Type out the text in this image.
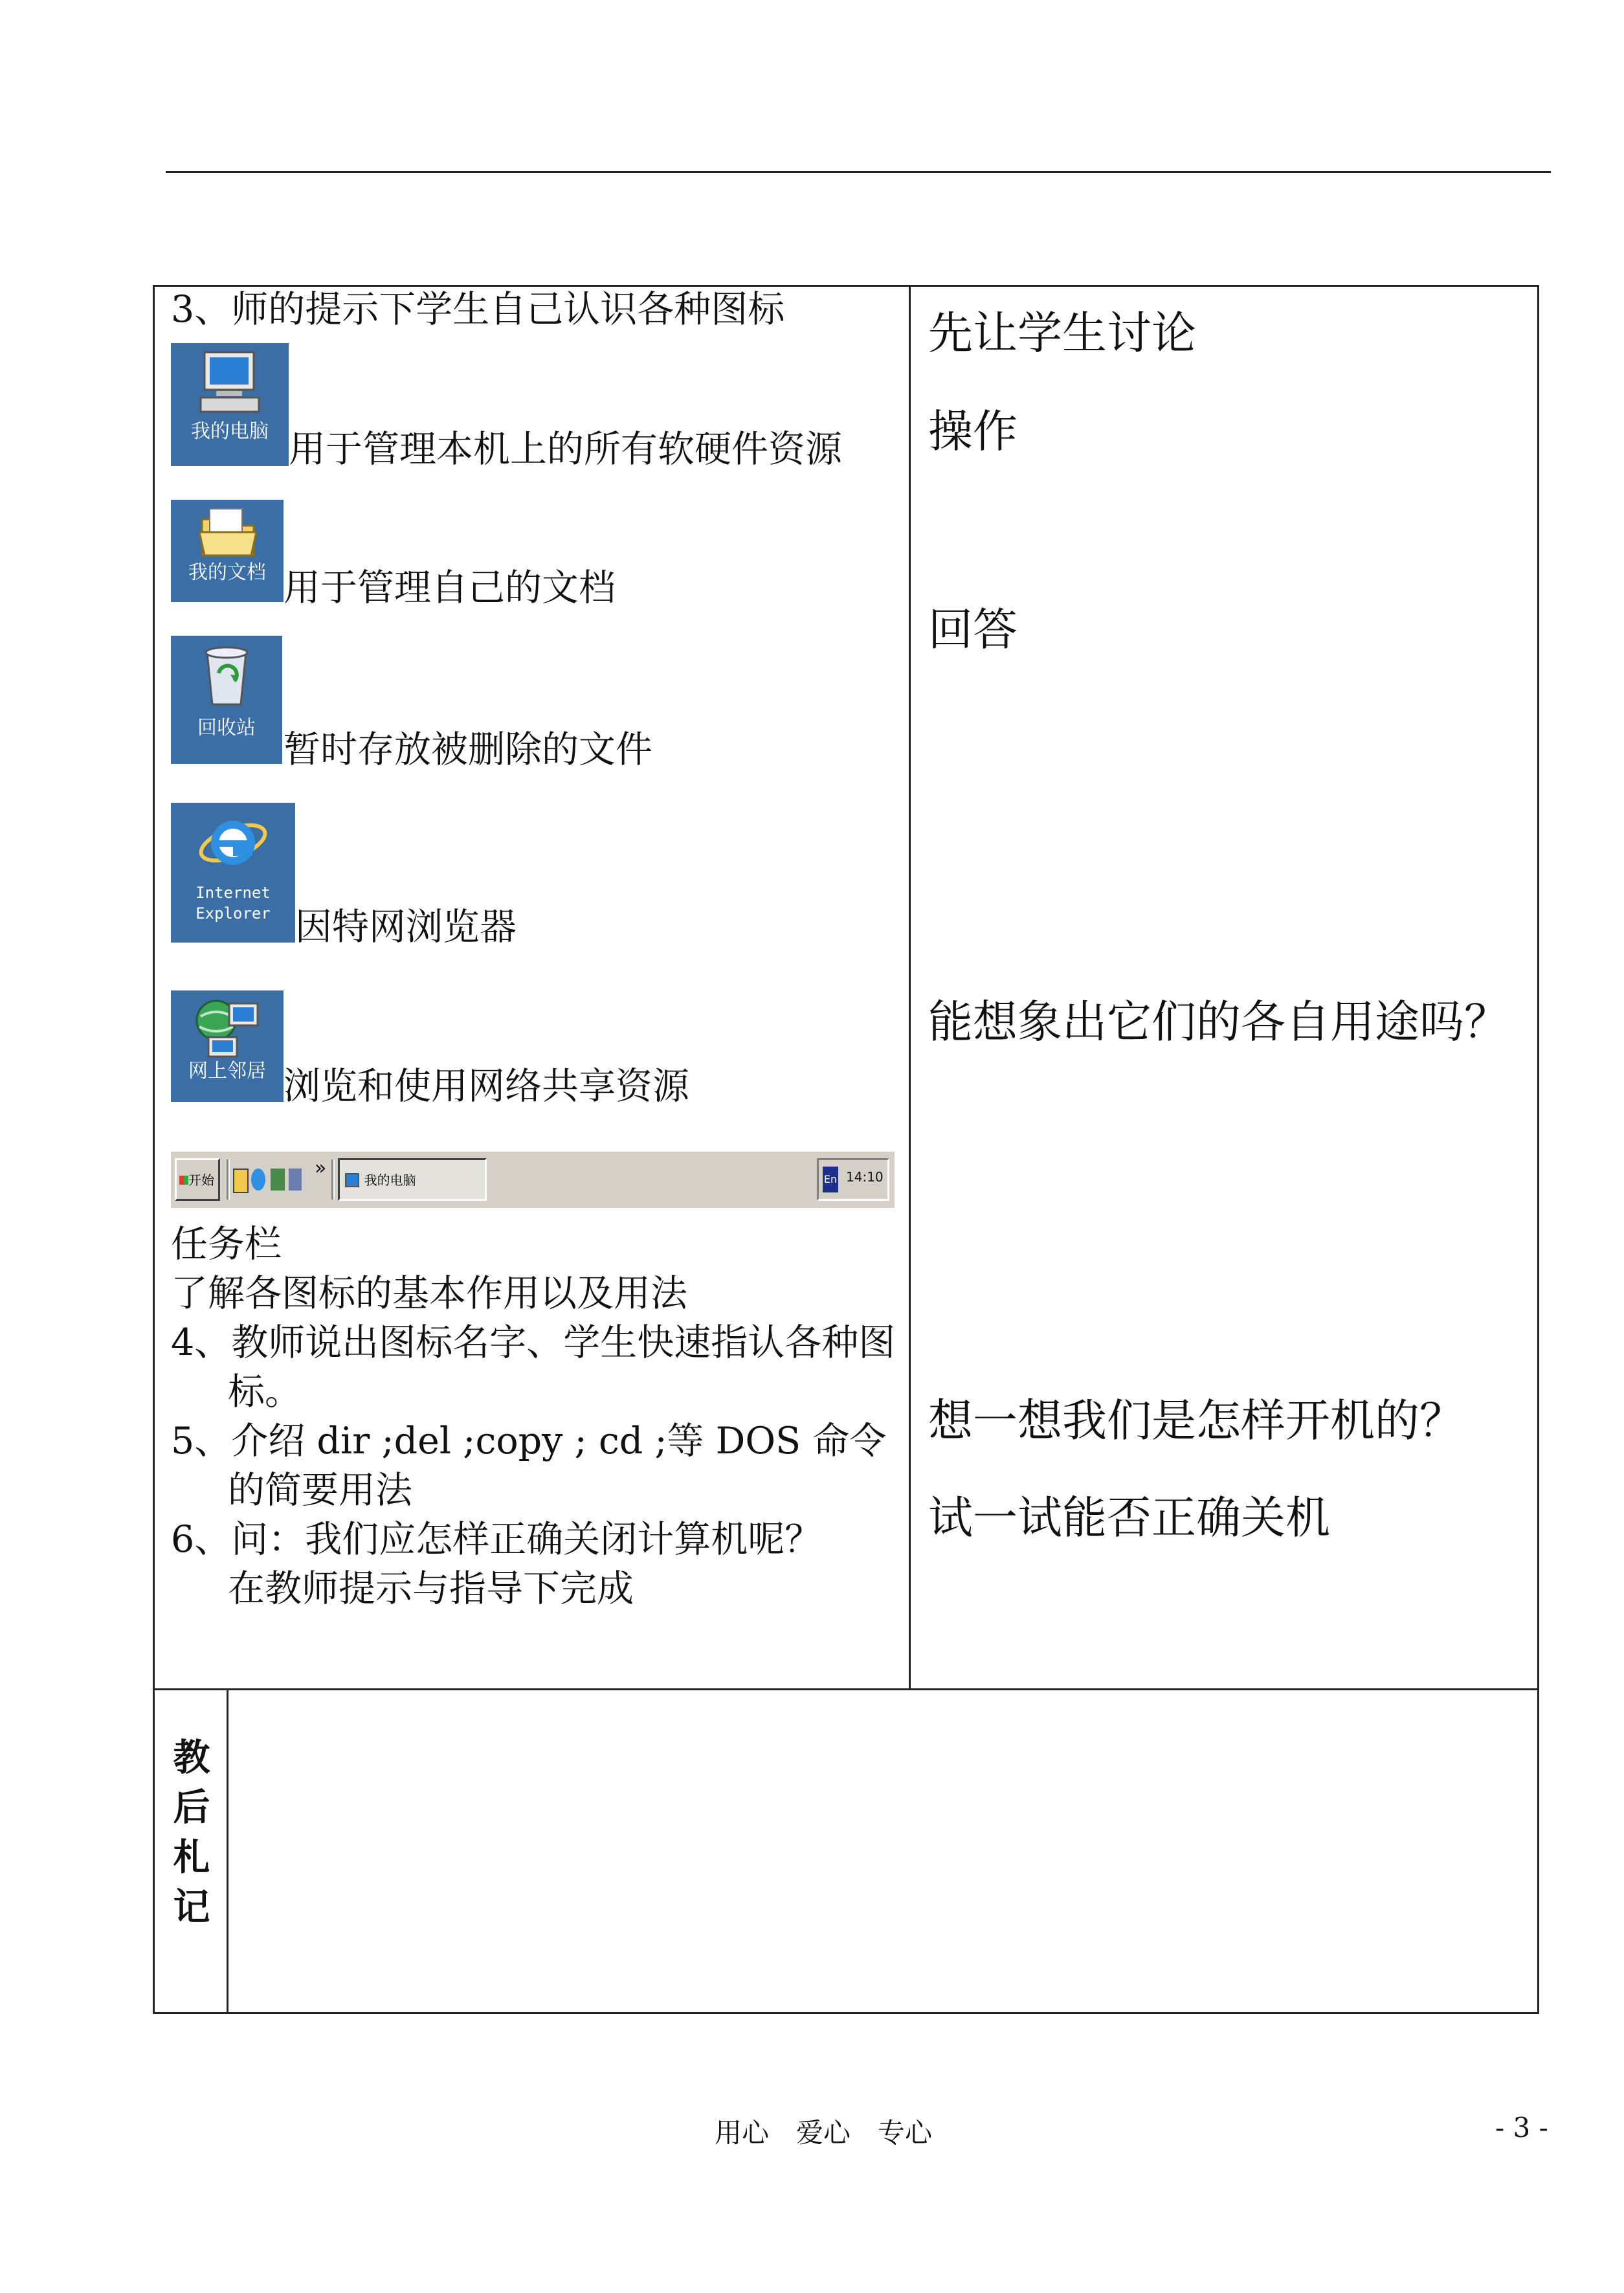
3、师的提示下学生自己认识各种图标
我的电脑 用于管理本机上的所有软硬件资源
我的文档 用于管理自己的文档
回收站
暂时存放被删除的文件
Internet
Explorer 因特网浏览器
网上邻居 浏览和使用网络共享资源
开始
»
我的电脑	En 14:10
任务栏
了解各图标的基本作用以及用法
4、教师说出图标名字、学生快速指认各种图
标。
5、介绍 dir ;del ;copy ; cd ;等 DOS 命令
的简要用法
6、问：我们应怎样正确关闭计算机呢？
在教师提示与指导下完成
先让学生讨论
操作
回答
能想象出它们的各自用途吗？
想一想我们是怎样开机的？
试一试能否正确关机
教
后
札
记
用心　爱心　专心	- 3 -
